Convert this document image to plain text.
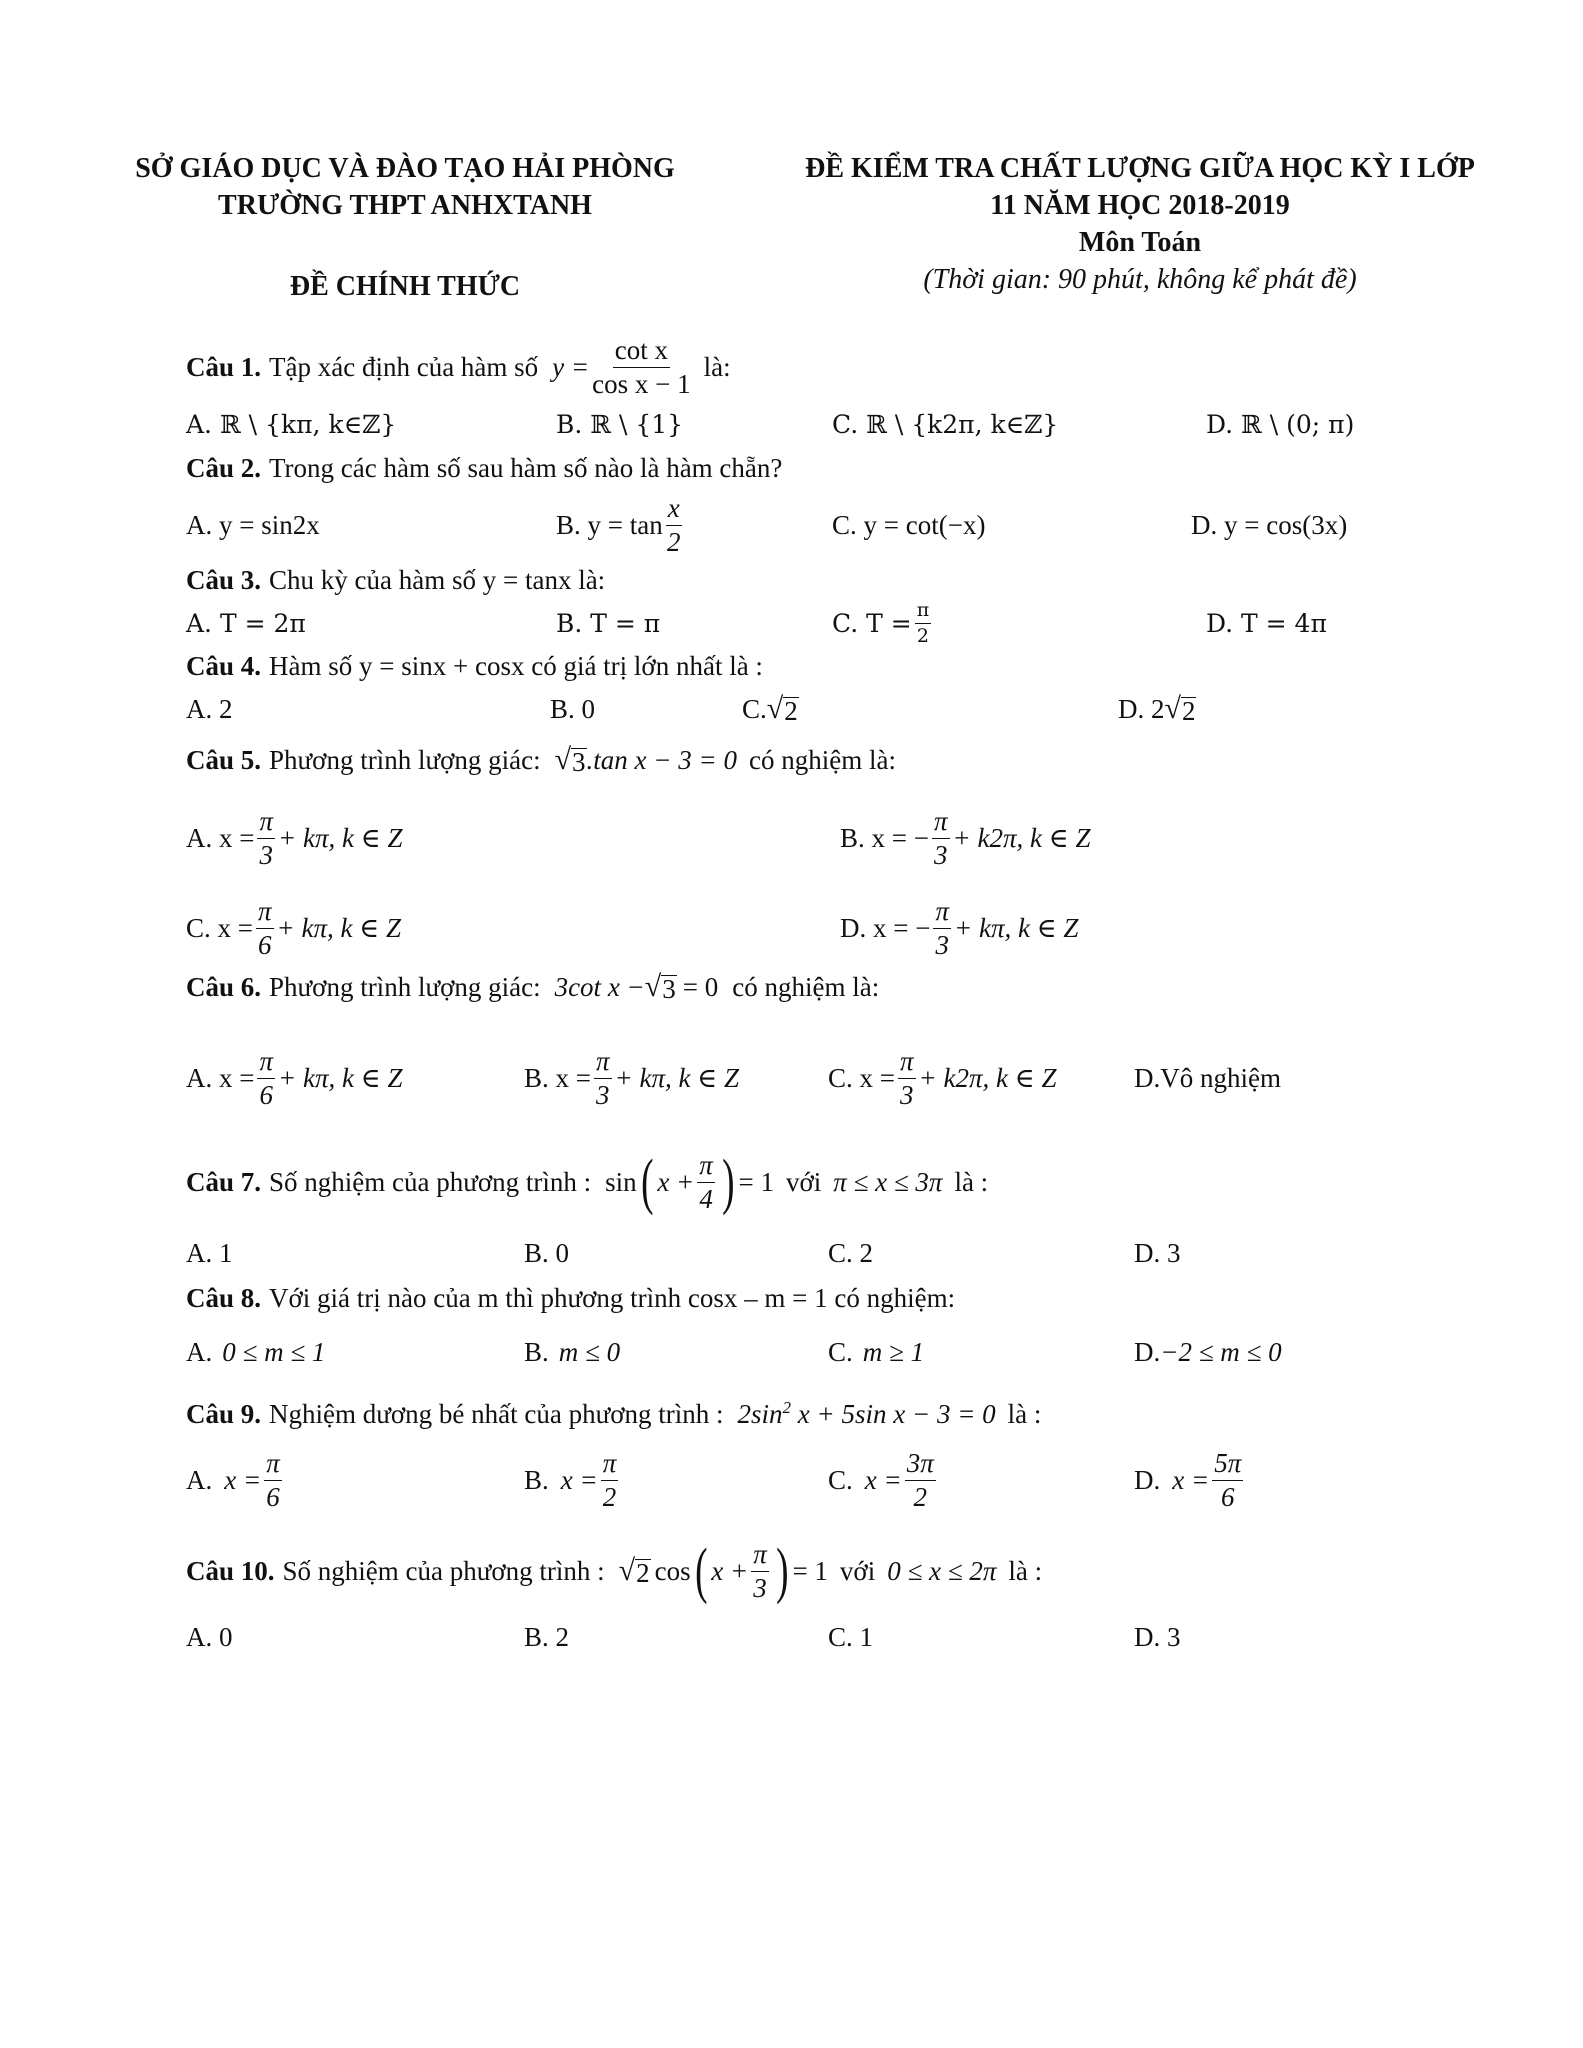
SỞ GIÁO DỤC VÀ ĐÀO TẠO HẢI PHÒNG
TRƯỜNG THPT ANHXTANH
ĐỀ CHÍNH THỨC
ĐỀ KIỂM TRA CHẤT LƯỢNG GIỮA HỌC KỲ I LỚP
11 NĂM HỌC 2018-2019
Môn Toán
(Thời gian: 90 phút, không kể phát đề)
Câu 1. Tập xác định của hàm số $y = \frac{\text{cot x}}{\text{cos x − 1}}$ là:
A. ℝ \ {kπ, k∈ℤ}	B. ℝ \ {1}	C. ℝ \ {k2π, k∈ℤ}	D. ℝ \ (0; π)
Câu 2. Trong các hàm số sau hàm số nào là hàm chẵn?
A. y = sin2x	B. $y = \tan \frac{x}{2}$	C. y = cot(−x)	D. y = cos(3x)
Câu 3. Chu kỳ của hàm số y = tanx là:
A. T = 2π	B. T = π	C. $T = \frac{\pi}{2}$	D. T = 4π
Câu 4. Hàm số y = sinx + cosx có giá trị lớn nhất là :
A. 2	B. 0	C. √ 2	D. 2 √ 2
Câu 5. Phương trình lượng giác: √ 3 .tan x − 3 = 0 có nghiệm là:
A. $x = \frac{\pi}{3} + k\pi$, k ∈ Z	B. x = − $\frac{\pi}{3} + k2\pi$, k ∈ Z
C. $x = \frac{\pi}{6} + k\pi$, k ∈ Z	D. x = − $\frac{\pi}{3} + k\pi$, k ∈ Z
Câu 6. Phương trình lượng giác: 3cot x − √ 3 = 0 có nghiệm là:
A. $x = \frac{\pi}{6} + k\pi$, k ∈ Z	B. $x = \frac{\pi}{3} + k\pi$, k ∈ Z	C. $x = \frac{\pi}{3} + k2\pi$, k ∈ Z	D.Vô nghiệm
Câu 7. Số nghiệm của phương trình : sin ( $x + \frac{\pi}{4}$ ) = 1 với π ≤ x ≤ 3π là :
A. 1	B. 0	C. 2	D. 3
Câu 8. Với giá trị nào của m thì phương trình cosx – m = 1 có nghiệm:
A. 0 ≤ m ≤ 1	B. m ≤ 0	C. m ≥ 1	D. −2 ≤ m ≤ 0
Câu 9. Nghiệm dương bé nhất của phương trình : $2\sin^2$ x + 5sin x − 3 = 0 là :
A. $x = \frac{\pi}{6}$	B. $x = \frac{\pi}{2}$	C. $x = \frac{3\pi}{2}$	D. $x = \frac{5\pi}{6}$
Câu 10. Số nghiệm của phương trình : √ 2 cos ( $x + \frac{\pi}{3}$ ) = 1 với 0 ≤ x ≤ 2π là :
A. 0	B. 2	C. 1	D. 3
